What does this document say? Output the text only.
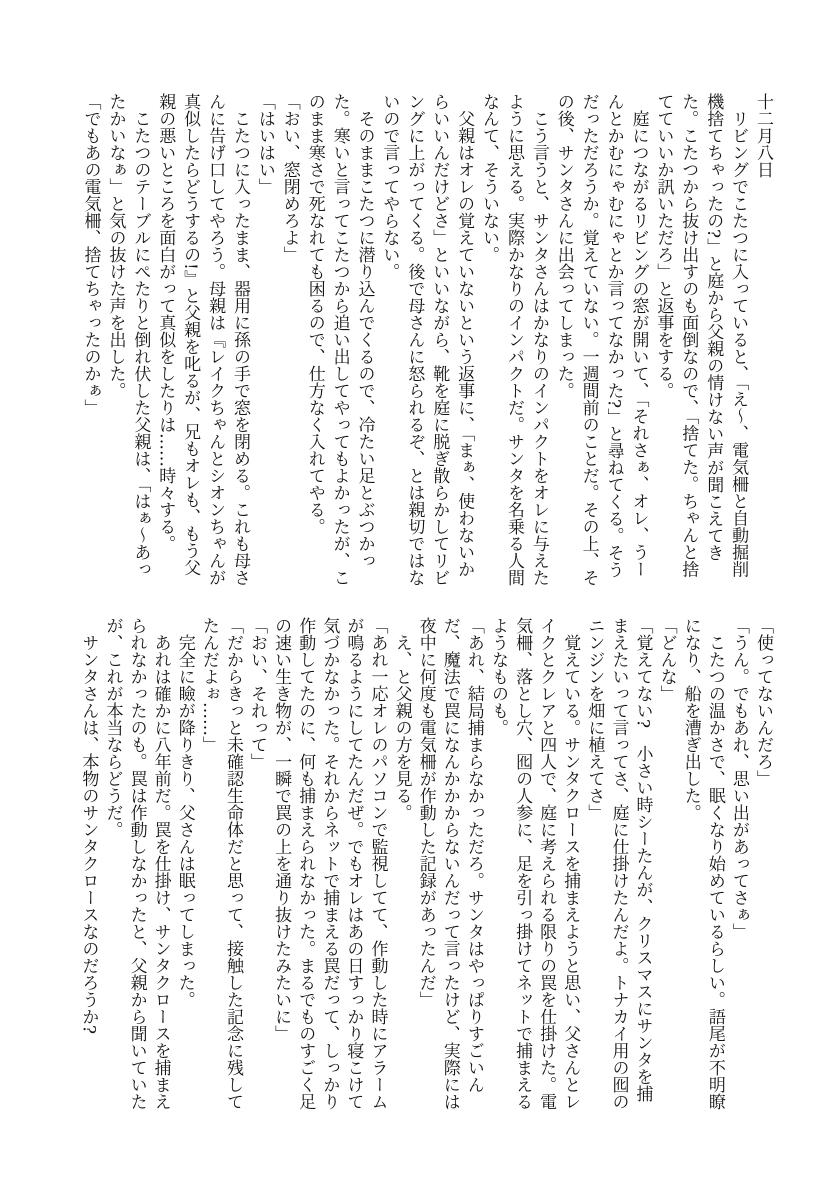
十二月八日
　リビングでこたつに入っていると、「え〜、電気柵と自動掘削
機捨てちゃったの?」と庭から父親の情けない声が聞こえてき
た。こたつから抜け出すのも面倒なので、「捨てた。ちゃんと捨
てていいか訊いただろ」と返事をする。
　庭につながるリビングの窓が開いて、「それさぁ、オレ、うー
んとかむにゃむにゃとか言ってなかった?」と尋ねてくる。そう
だっただろうか。覚えていない。一週間前のことだ。その上、そ
の後、サンタさんに出会ってしまった。
　こう言うと、サンタさんはかなりのインパクトをオレに与えた
ように思える。実際かなりのインパクトだ。サンタを名乗る人間
なんて、そういない。
　父親はオレの覚えていないという返事に、「まぁ、使わないか
らいいんだけどさ」といいながら、靴を庭に脱ぎ散らかしてリビ
ングに上がってくる。後で母さんに怒られるぞ、とは親切ではな
いので言ってやらない。
　そのままこたつに潜り込んでくるので、冷たい足とぶつかっ
た。寒いと言ってこたつから追い出してやってもよかったが、こ
のまま寒さで死なれても困るので、仕方なく入れてやる。
「おい、窓閉めろよ」
「はいはい」
　こたつに入ったまま、器用に孫の手で窓を閉める。これも母さ
んに告げ口してやろう。母親は『レイクちゃんとシオンちゃんが
真似したらどうするの!』と父親を叱るが、兄もオレも、もう父
親の悪いところを面白がって真似をしたりは……時々する。
　こたつのテーブルにぺたりと倒れ伏した父親は、「はぁ〜あっ
たかいなぁ」と気の抜けた声を出した。
「でもあの電気柵、捨てちゃったのかぁ」
「使ってないんだろ」
「うん。でもあれ、思い出があってさぁ」
　こたつの温かさで、眠くなり始めているらしい。語尾が不明瞭
になり、船を漕ぎ出した。
「どんな」
「覚えてない?　小さい時シーたんが、クリスマスにサンタを捕
まえたいって言ってさ、庭に仕掛けたんだよ。トナカイ用の囮の
ニンジンを畑に植えてさ」
　覚えている。サンタクロースを捕まえようと思い、父さんとレ
イクとクレアと四人で、庭に考えられる限りの罠を仕掛けた。電
気柵、落とし穴、囮の人参に、足を引っ掛けてネットで捕まえる
ようなものも。
「あれ、結局捕まらなかっただろ。サンタはやっぱりすごいん
だ、魔法で罠になんかかからないんだって言ったけど、実際には
夜中に何度も電気柵が作動した記録があったんだ」
　え、と父親の方を見る。
「あれ一応オレのパソコンで監視してて、作動した時にアラーム
が鳴るようにしてたんだぜ。でもオレはあの日すっかり寝こけて
気づかなかった。それからネットで捕まえる罠だって、しっかり
作動してたのに、何も捕まえられなかった。まるでものすごく足
の速い生き物が、一瞬で罠の上を通り抜けたみたいに」
「おい、それって」
「だからきっと未確認生命体だと思って、接触した記念に残して
たんだよぉ……」
　完全に瞼が降りきり、父さんは眠ってしまった。
　あれは確かに八年前だ。罠を仕掛け、サンタクロースを捕まえ
られなかったのも。罠は作動しなかったと、父親から聞いていた
が、これが本当ならどうだ。
　サンタさんは、本物のサンタクロースなのだろうか?
